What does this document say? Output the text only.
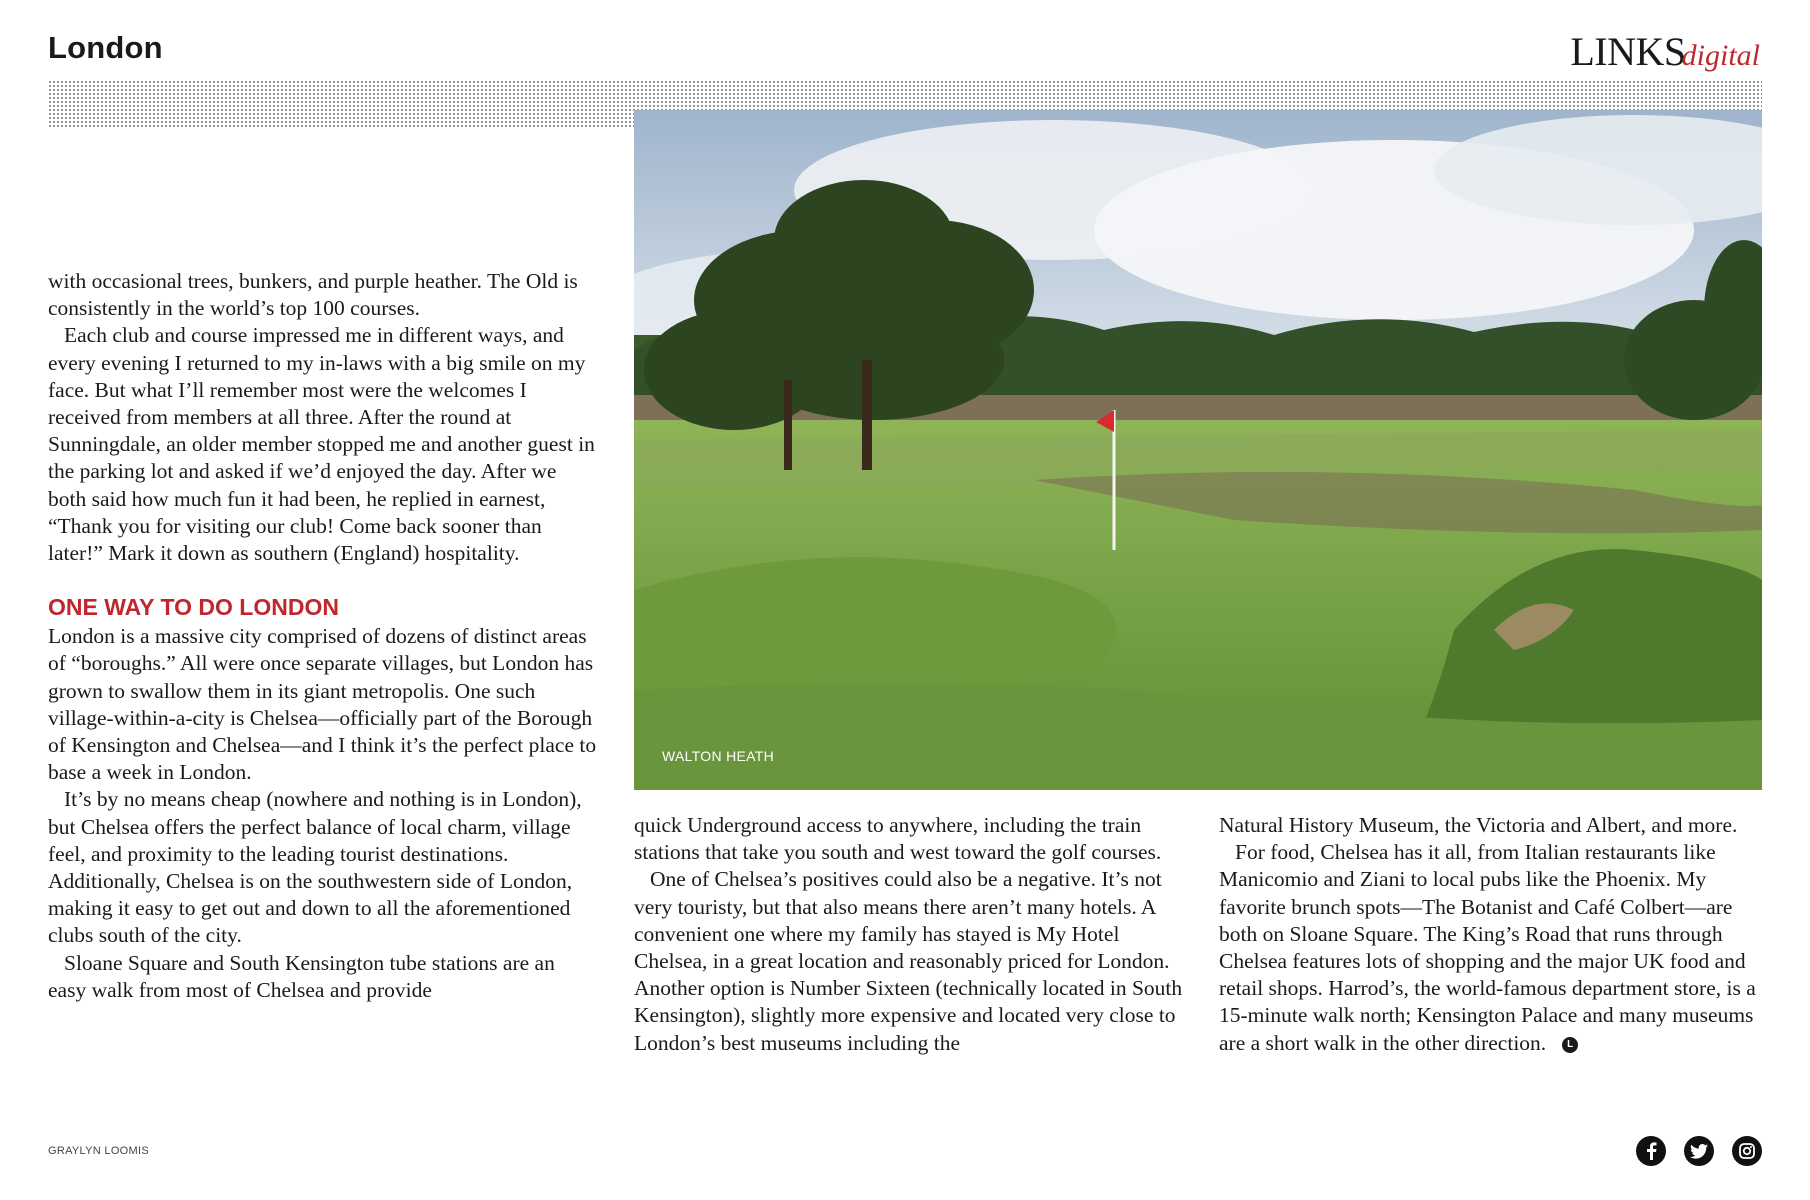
London	LINKSdigital
WALTON HEATH

with occasional trees, bunkers, and purple heather. The Old is consistently in the world’s top 100 courses.

Each club and course impressed me in different ways, and every evening I returned to my in-laws with a big smile on my face. But what I’ll remember most were the welcomes I received from members at all three. After the round at Sunningdale, an older member stopped me and another guest in the parking lot and asked if we’d enjoyed the day. After we both said how much fun it had been, he replied in earnest, “Thank you for visiting our club! Come back sooner than later!” Mark it down as southern (England) hospitality.

ONE WAY TO DO LONDON

London is a massive city comprised of dozens of distinct areas of “boroughs.” All were once separate villages, but London has grown to swallow them in its giant metropolis. One such village-within-a-city is Chelsea—officially part of the Borough of Kensington and Chelsea—and I think it’s the perfect place to base a week in London.

It’s by no means cheap (nowhere and nothing is in London), but Chelsea offers the perfect balance of local charm, village feel, and proximity to the leading tourist destinations. Additionally, Chelsea is on the southwestern side of London, making it easy to get out and down to all the aforementioned clubs south of the city.

Sloane Square and South Kensington tube stations are an easy walk from most of Chelsea and provide

quick Underground access to anywhere, including the train stations that take you south and west toward the golf courses.

One of Chelsea’s positives could also be a negative. It’s not very touristy, but that also means there aren’t many hotels. A convenient one where my family has stayed is My Hotel Chelsea, in a great location and reasonably priced for London. Another option is Number Sixteen (technically located in South Kensington), slightly more expensive and located very close to London’s best museums including the

Natural History Museum, the Victoria and Albert, and more.

For food, Chelsea has it all, from Italian restaurants like Manicomio and Ziani to local pubs like the Phoenix. My favorite brunch spots—The Botanist and Café Colbert—are both on Sloane Square. The King’s Road that runs through Chelsea features lots of shopping and the major UK food and retail shops. Harrod’s, the world-famous department store, is a 15-minute walk north; Kensington Palace and many museums are a short walk in the other direction. L

GRAYLYN LOOMIS
